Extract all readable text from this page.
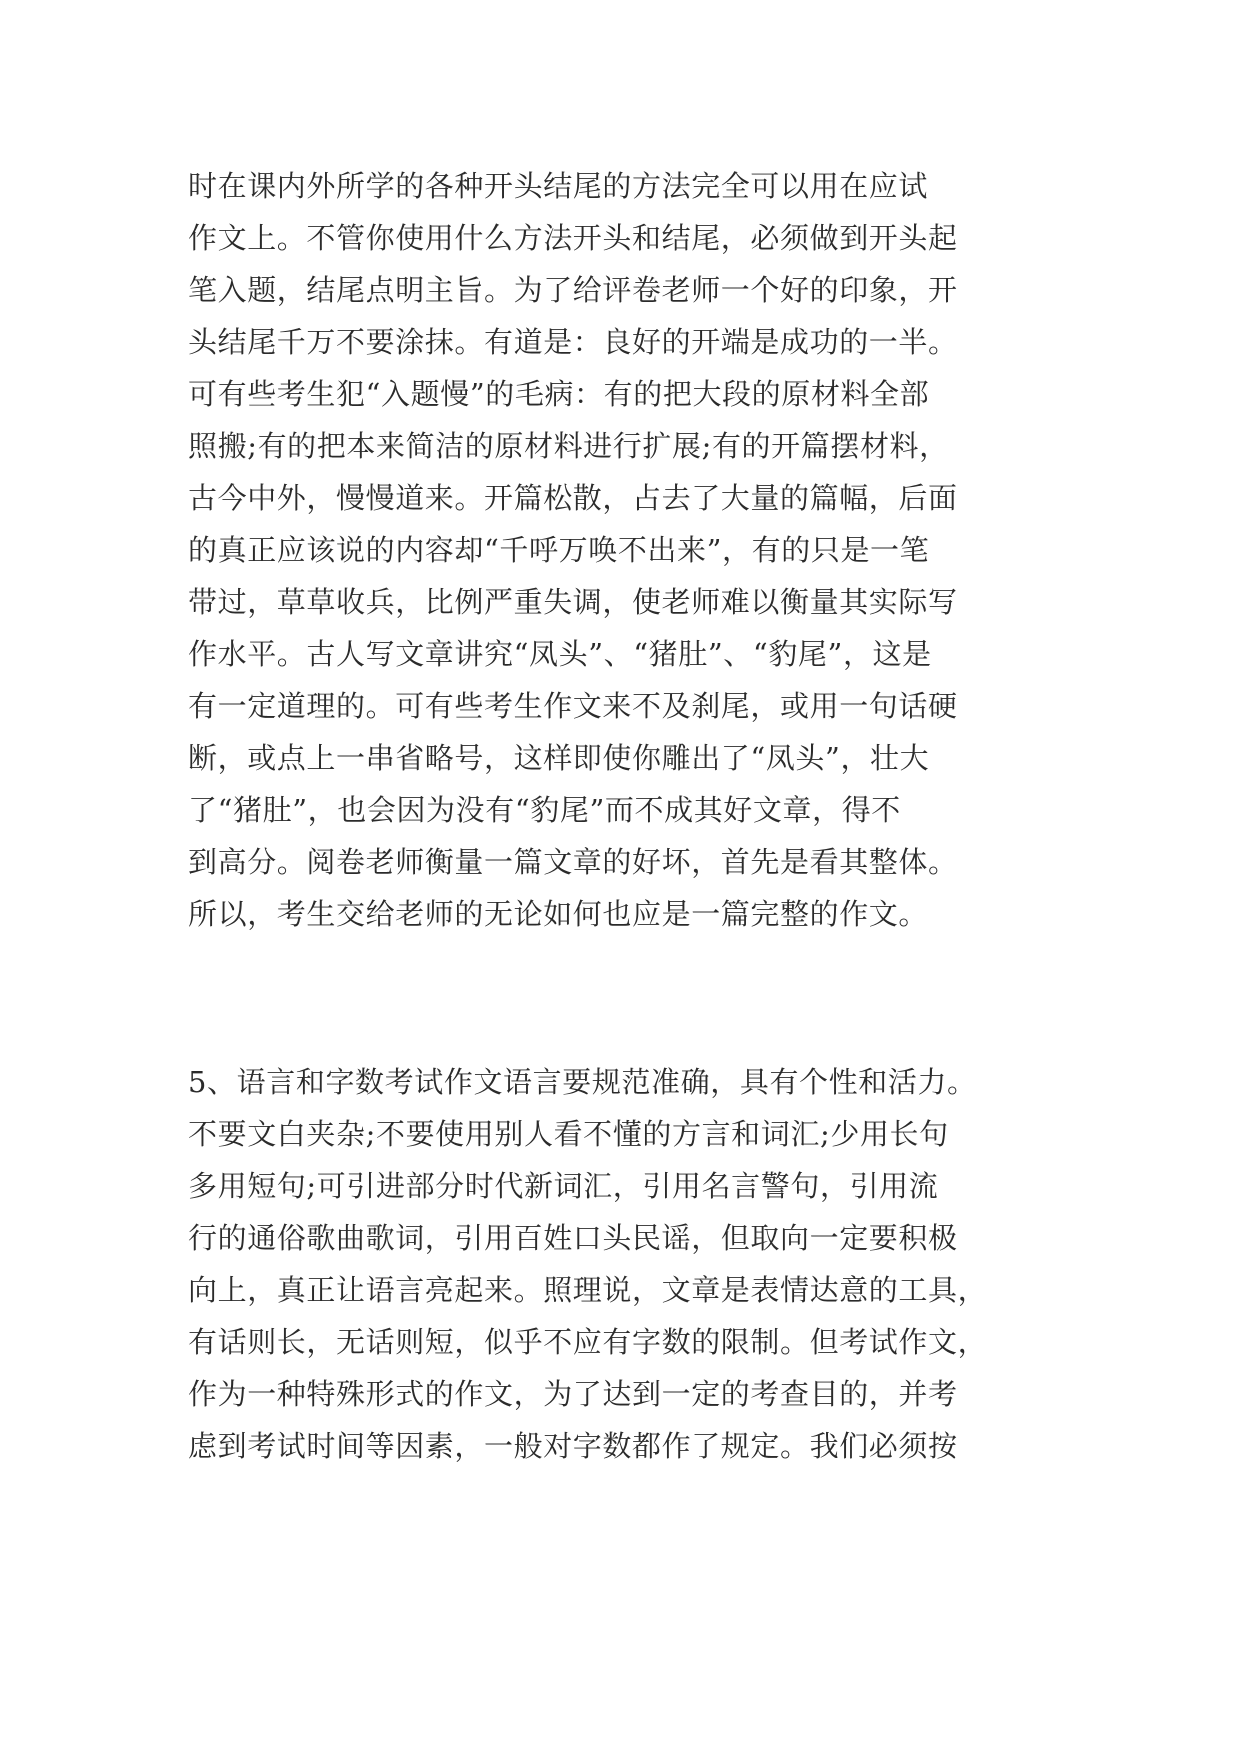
时在课内外所学的各种开头结尾的方法完全可以用在应试
作文上。不管你使用什么方法开头和结尾，必须做到开头起
笔入题，结尾点明主旨。为了给评卷老师一个好的印象，开
头结尾千万不要涂抹。有道是：良好的开端是成功的一半。
可有些考生犯“入题慢”的毛病：有的把大段的原材料全部
照搬;有的把本来简洁的原材料进行扩展;有的开篇摆材料，
古今中外，慢慢道来。开篇松散，占去了大量的篇幅，后面
的真正应该说的内容却“千呼万唤不出来”，有的只是一笔
带过，草草收兵，比例严重失调，使老师难以衡量其实际写
作水平。古人写文章讲究“凤头”、“猪肚”、“豹尾”，这是
有一定道理的。可有些考生作文来不及刹尾，或用一句话硬
断，或点上一串省略号，这样即使你雕出了“凤头”，壮大
了“猪肚”，也会因为没有“豹尾”而不成其好文章，得不
到高分。阅卷老师衡量一篇文章的好坏，首先是看其整体。
所以，考生交给老师的无论如何也应是一篇完整的作文。
5、语言和字数考试作文语言要规范准确，具有个性和活力。
不要文白夹杂;不要使用别人看不懂的方言和词汇;少用长句
多用短句;可引进部分时代新词汇，引用名言警句，引用流
行的通俗歌曲歌词，引用百姓口头民谣，但取向一定要积极
向上，真正让语言亮起来。照理说，文章是表情达意的工具，
有话则长，无话则短，似乎不应有字数的限制。但考试作文，
作为一种特殊形式的作文，为了达到一定的考查目的，并考
虑到考试时间等因素，一般对字数都作了规定。我们必须按
